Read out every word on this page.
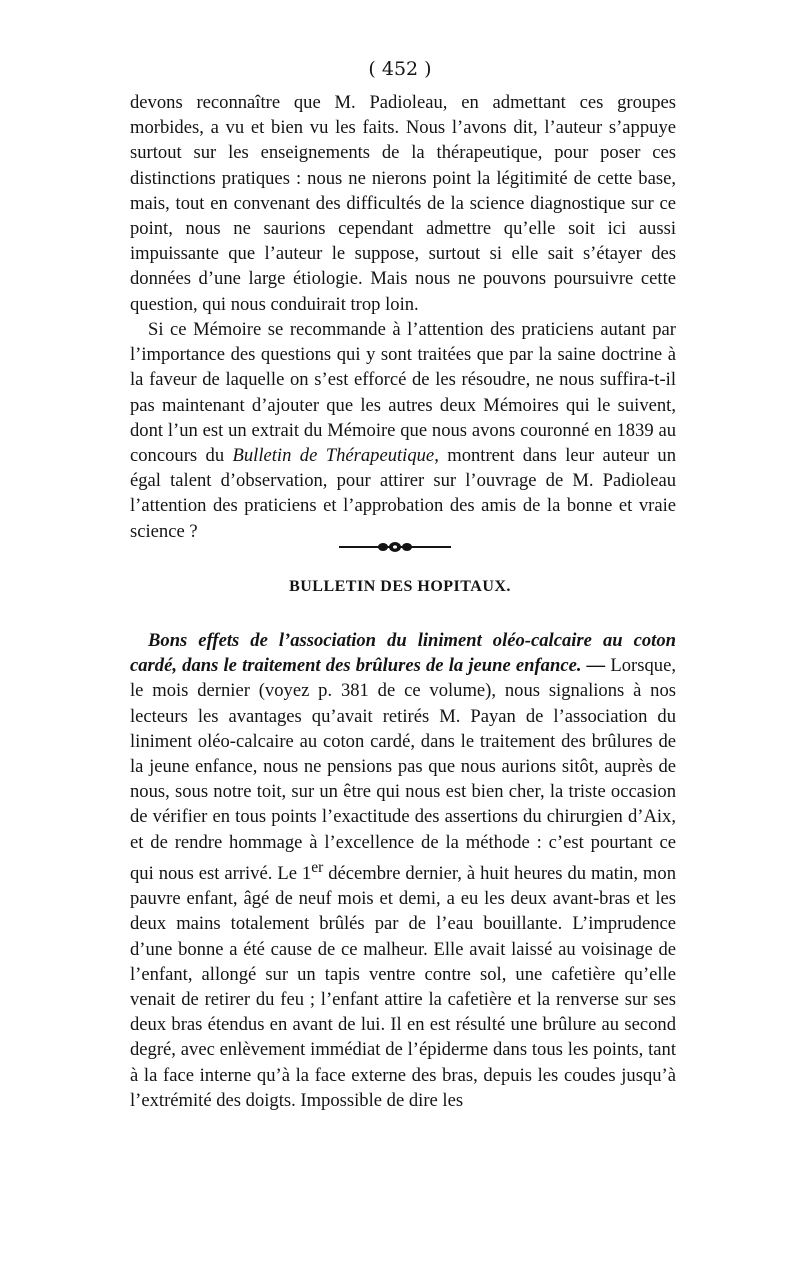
( 452 )

devons reconnaître que M. Padioleau, en admettant ces groupes morbides, a vu et bien vu les faits. Nous l’avons dit, l’auteur s’appuye surtout sur les enseignements de la thérapeutique, pour poser ces distinctions pratiques : nous ne nierons point la légitimité de cette base, mais, tout en convenant des difficultés de la science diagnostique sur ce point, nous ne saurions cependant admettre qu’elle soit ici aussi impuissante que l’auteur le suppose, surtout si elle sait s’étayer des données d’une large étiologie. Mais nous ne pouvons poursuivre cette question, qui nous conduirait trop loin.

Si ce Mémoire se recommande à l’attention des praticiens autant par l’importance des questions qui y sont traitées que par la saine doctrine à la faveur de laquelle on s’est efforcé de les résoudre, ne nous suffira-t-il pas maintenant d’ajouter que les autres deux Mémoires qui le suivent, dont l’un est un extrait du Mémoire que nous avons couronné en 1839 au concours du Bulletin de Thérapeutique, montrent dans leur auteur un égal talent d’observation, pour attirer sur l’ouvrage de M. Padioleau l’attention des praticiens et l’approbation des amis de la bonne et vraie science ?

BULLETIN DES HOPITAUX.

Bons effets de l’association du liniment oléo-calcaire au coton cardé, dans le traitement des brûlures de la jeune enfance. — Lorsque, le mois dernier (voyez p. 381 de ce volume), nous signalions à nos lecteurs les avantages qu’avait retirés M. Payan de l’association du liniment oléo-calcaire au coton cardé, dans le traitement des brûlures de la jeune enfance, nous ne pensions pas que nous aurions sitôt, auprès de nous, sous notre toit, sur un être qui nous est bien cher, la triste occasion de vérifier en tous points l’exactitude des assertions du chirurgien d’Aix, et de rendre hommage à l’excellence de la méthode : c’est pourtant ce qui nous est arrivé. Le 1er décembre dernier, à huit heures du matin, mon pauvre enfant, âgé de neuf mois et demi, a eu les deux avant-bras et les deux mains totalement brûlés par de l’eau bouillante. L’imprudence d’une bonne a été cause de ce malheur. Elle avait laissé au voisinage de l’enfant, allongé sur un tapis ventre contre sol, une cafetière qu’elle venait de retirer du feu ; l’enfant attire la cafetière et la renverse sur ses deux bras étendus en avant de lui. Il en est résulté une brûlure au second degré, avec enlèvement immédiat de l’épiderme dans tous les points, tant à la face interne qu’à la face externe des bras, depuis les coudes jusqu’à l’extrémité des doigts. Impossible de dire les
